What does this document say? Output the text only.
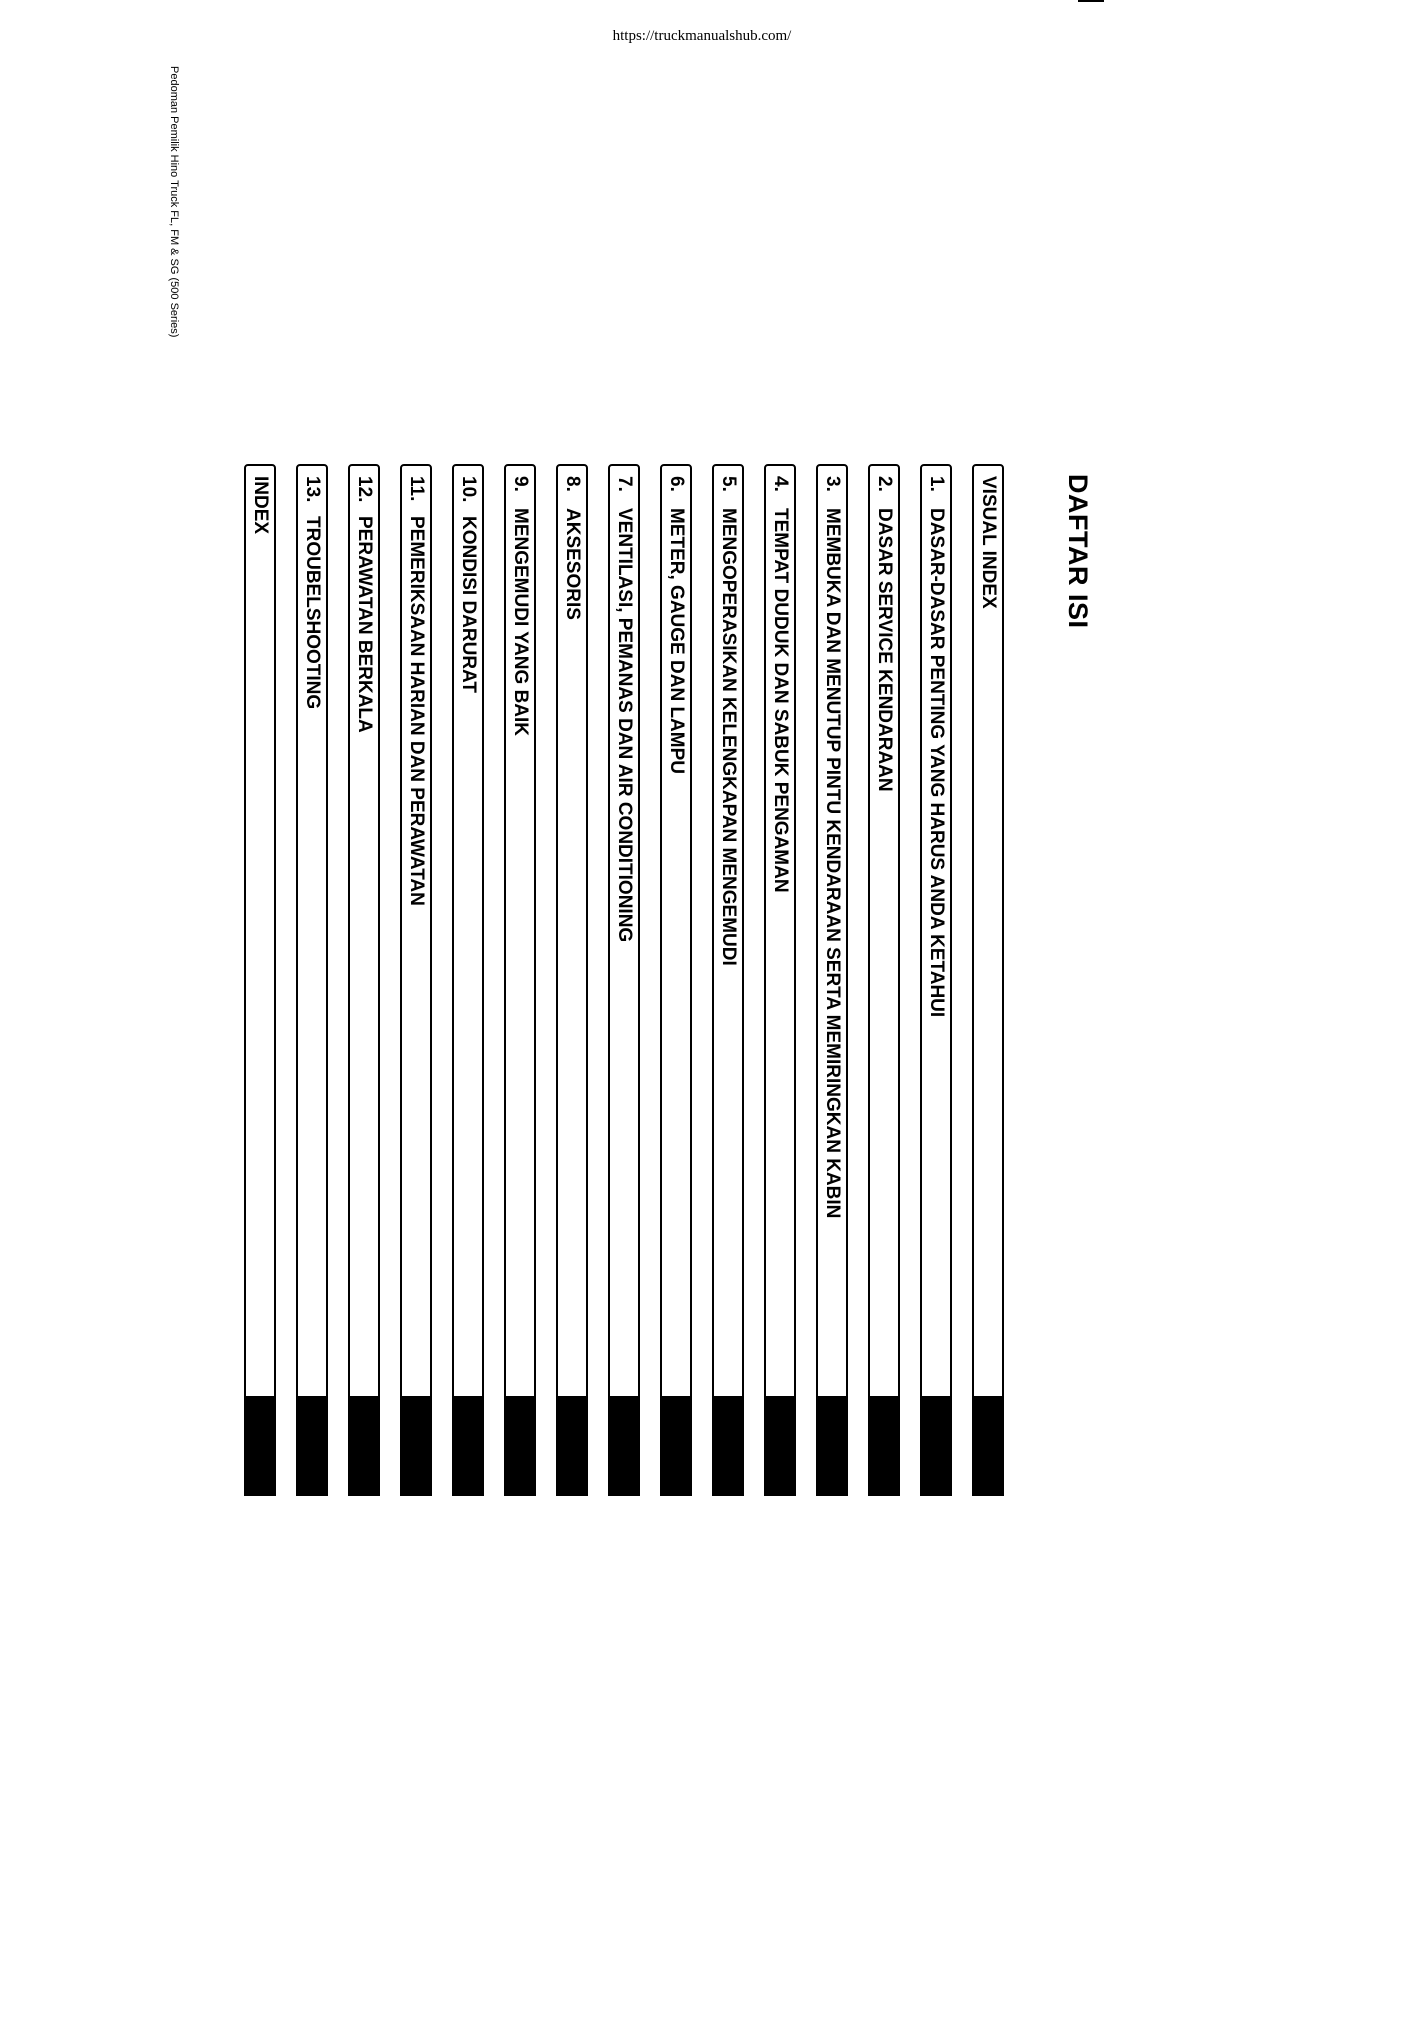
https://truckmanualshub.com/
Pedoman Pemilik Hino Truck FL, FM & SG (500 Series)
DAFTAR ISI
VISUAL INDEX
1.
DASAR-DASAR PENTING YANG HARUS ANDA KETAHUI
2.
DASAR SERVICE KENDARAAN
3.
MEMBUKA DAN MENUTUP PINTU KENDARAAN SERTA MEMIRINGKAN KABIN
4.
TEMPAT DUDUK DAN SABUK PENGAMAN
5.
MENGOPERASIKAN KELENGKAPAN MENGEMUDI
6.
METER, GAUGE DAN LAMPU
7.
VENTILASI, PEMANAS DAN AIR CONDITIONING
8.
AKSESORIS
9.
MENGEMUDI YANG BAIK
10.
KONDISI DARURAT
11.
PEMERIKSAAN HARIAN DAN PERAWATAN
12.
PERAWATAN BERKALA
13.
TROUBELSHOOTING
INDEX
